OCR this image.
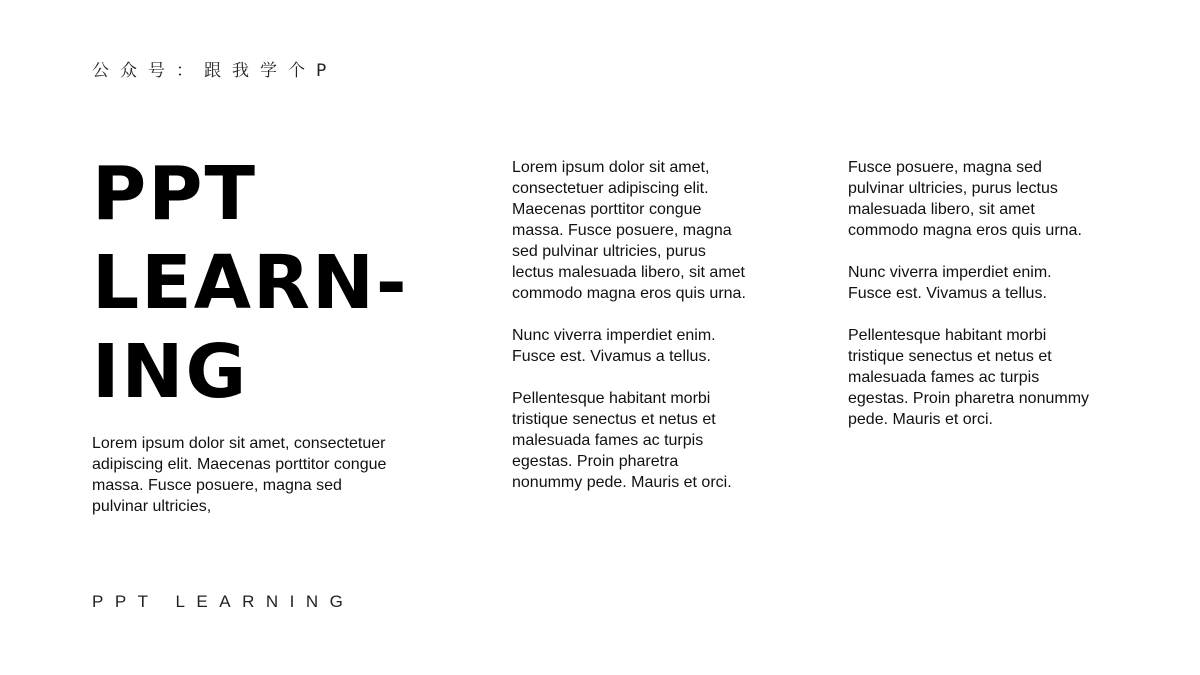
公众号：跟我学个P
PPT
LEARN-
ING
Lorem ipsum dolor sit amet, consectetuer adipiscing elit. Maecenas porttitor congue massa. Fusce posuere, magna sed pulvinar ultricies,

Lorem ipsum dolor sit amet, consectetuer adipiscing elit. Maecenas porttitor congue massa. Fusce posuere, magna sed pulvinar ultricies, purus lectus malesuada libero, sit amet commodo magna eros quis urna.

Nunc viverra imperdiet enim. Fusce est. Vivamus a tellus.

Pellentesque habitant morbi tristique senectus et netus et malesuada fames ac turpis egestas. Proin pharetra nonummy pede. Mauris et orci.

Fusce posuere, magna sed pulvinar ultricies, purus lectus malesuada libero, sit amet commodo magna eros quis urna.

Nunc viverra imperdiet enim. Fusce est. Vivamus a tellus.

Pellentesque habitant morbi tristique senectus et netus et malesuada fames ac turpis egestas. Proin pharetra nonummy pede. Mauris et orci.

PPT LEARNING
